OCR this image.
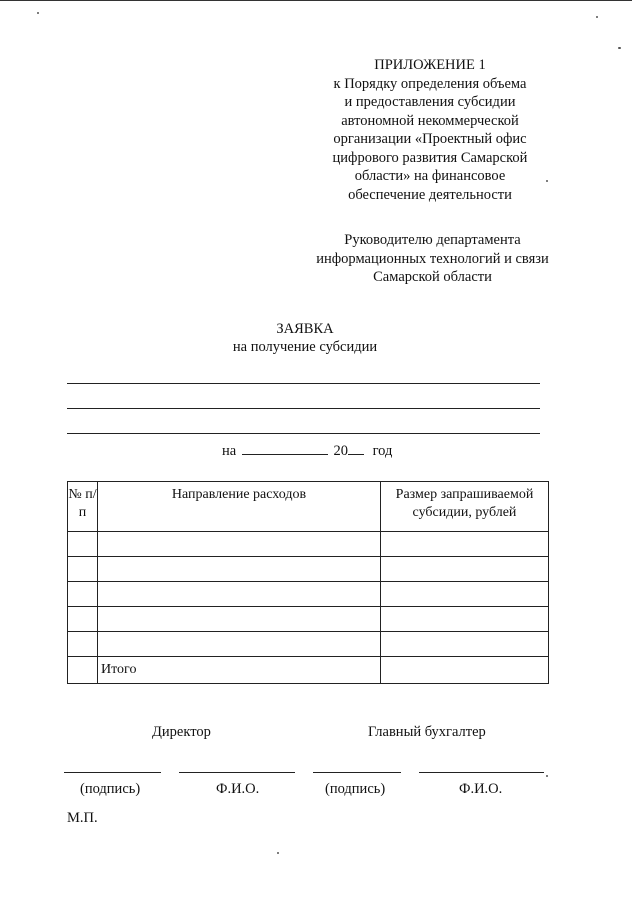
ПРИЛОЖЕНИЕ 1
к Порядку определения объема
и предоставления субсидии
автономной некоммерческой
организации «Проектный офис
цифрового развития Самарской
области» на финансовое
обеспечение деятельности
Руководителю департамента
информационных технологий и связи
Самарской области
ЗАЯВКА
на получение субсидии
на	20 год
№ п/п	Направление расходов	Размер запрашиваемой субсидии, рублей

	Итого	
Директор	Главный бухгалтер
(подпись)	Ф.И.О.	(подпись)	Ф.И.О.
М.П.
